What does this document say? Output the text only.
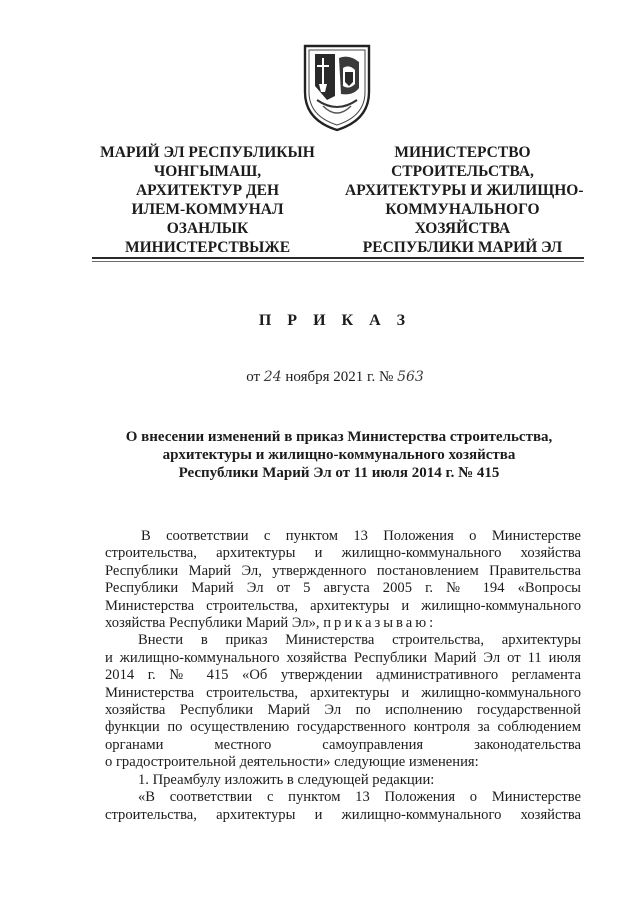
МАРИЙ ЭЛ РЕСПУБЛИКЫН
ЧОНГЫМАШ,
АРХИТЕКТУР ДЕН
ИЛЕМ-КОММУНАЛ
ОЗАНЛЫК
МИНИСТЕРСТВЫЖЕ
МИНИСТЕРСТВО
СТРОИТЕЛЬСТВА,
АРХИТЕКТУРЫ И ЖИЛИЩНО-
КОММУНАЛЬНОГО
ХОЗЯЙСТВА
РЕСПУБЛИКИ МАРИЙ ЭЛ
П Р И К А З
от 24 ноября 2021 г. № 563
О внесении изменений в приказ Министерства строительства,
архитектуры и жилищно-коммунального хозяйства
Республики Марий Эл от 11 июля 2014 г. № 415
В соответствии с пунктом 13 Положения о Министерстве
строительства, архитектуры и жилищно-коммунального хозяйства
Республики Марий Эл, утвержденного постановлением Правительства
Республики Марий Эл от 5 августа 2005 г. № 194 «Вопросы
Министерства строительства, архитектуры и жилищно-коммунального
хозяйства Республики Марий Эл», приказываю:
Внести в приказ Министерства строительства, архитектуры
и жилищно-коммунального хозяйства Республики Марий Эл от 11 июля
2014 г. № 415 «Об утверждении административного регламента
Министерства строительства, архитектуры и жилищно-коммунального
хозяйства Республики Марий Эл по исполнению государственной
функции по осуществлению государственного контроля за соблюдением
органами местного самоуправления законодательства
о градостроительной деятельности» следующие изменения:
1. Преамбулу изложить в следующей редакции:
«В соответствии с пунктом 13 Положения о Министерстве
строительства, архитектуры и жилищно-коммунального хозяйства
